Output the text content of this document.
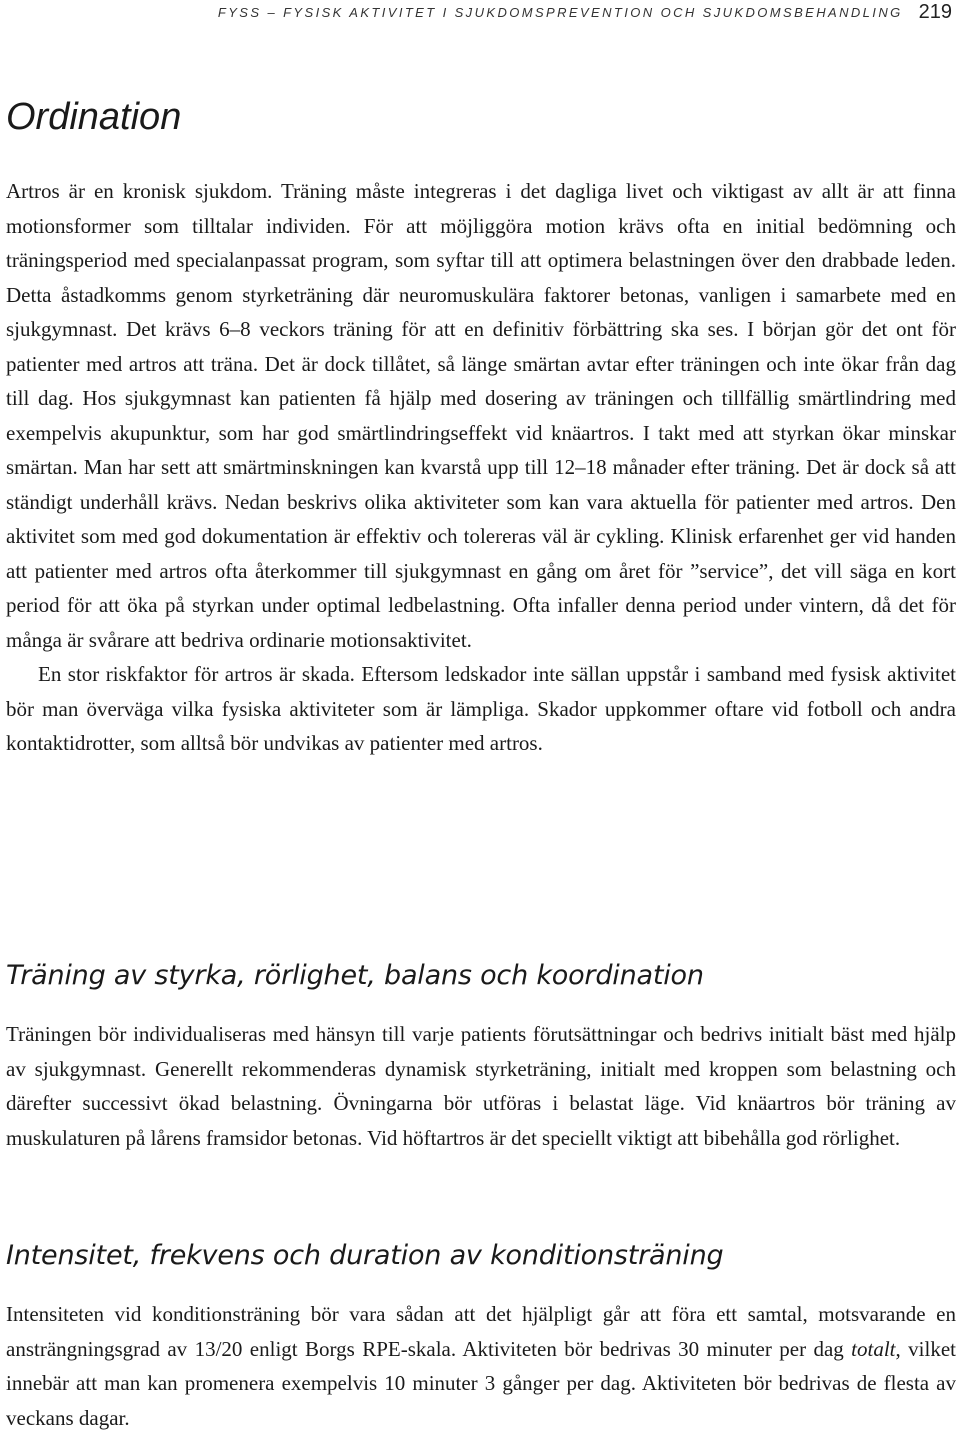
FYSS – FYSISK AKTIVITET I SJUKDOMSPREVENTION OCH SJUKDOMSBEHANDLING 219
Ordination

Artros är en kronisk sjukdom. Träning måste integreras i det dagliga livet och viktigast av allt är att finna motionsformer som tilltalar individen. För att möjliggöra motion krävs ofta en initial bedömning och träningsperiod med specialanpassat program, som syftar till att optimera belastningen över den drabbade leden. Detta åstadkomms genom styrketräning där neuromuskulära faktorer betonas, vanligen i samarbete med en sjukgymnast. Det krävs 6–8 veckors träning för att en definitiv förbättring ska ses. I början gör det ont för patienter med artros att träna. Det är dock tillåtet, så länge smärtan avtar efter träningen och inte ökar från dag till dag. Hos sjukgymnast kan patienten få hjälp med dosering av träningen och tillfällig smärtlindring med exempelvis akupunktur, som har god smärtlindringseffekt vid knäartros. I takt med att styrkan ökar minskar smärtan. Man har sett att smärtminskningen kan kvarstå upp till 12–18 månader efter träning. Det är dock så att ständigt underhåll krävs. Nedan beskrivs olika aktiviteter som kan vara aktuella för patienter med artros. Den aktivitet som med god dokumentation är effektiv och tolereras väl är cykling. Klinisk erfarenhet ger vid handen att patienter med artros ofta återkommer till sjukgymnast en gång om året för ”service”, det vill säga en kort period för att öka på styrkan under optimal ledbelastning. Ofta infaller denna period under vintern, då det för många är svårare att bedriva ordinarie motionsaktivitet.

En stor riskfaktor för artros är skada. Eftersom ledskador inte sällan uppstår i samband med fysisk aktivitet bör man överväga vilka fysiska aktiviteter som är lämpliga. Skador uppkommer oftare vid fotboll och andra kontaktidrotter, som alltså bör undvikas av patienter med artros.

Träning av styrka, rörlighet, balans och koordination

Träningen bör individualiseras med hänsyn till varje patients förutsättningar och bedrivs initialt bäst med hjälp av sjukgymnast. Generellt rekommenderas dynamisk styrketräning, initialt med kroppen som belastning och därefter successivt ökad belastning. Övningarna bör utföras i belastat läge. Vid knäartros bör träning av muskulaturen på lårens framsidor betonas. Vid höftartros är det speciellt viktigt att bibehålla god rörlighet.

Intensitet, frekvens och duration av konditionsträning

Intensiteten vid konditionsträning bör vara sådan att det hjälpligt går att föra ett samtal, motsvarande en ansträngningsgrad av 13/20 enligt Borgs RPE-skala. Aktiviteten bör bedrivas 30 minuter per dag totalt, vilket innebär att man kan promenera exempelvis 10 minuter 3 gånger per dag. Aktiviteten bör bedrivas de flesta av veckans dagar.
